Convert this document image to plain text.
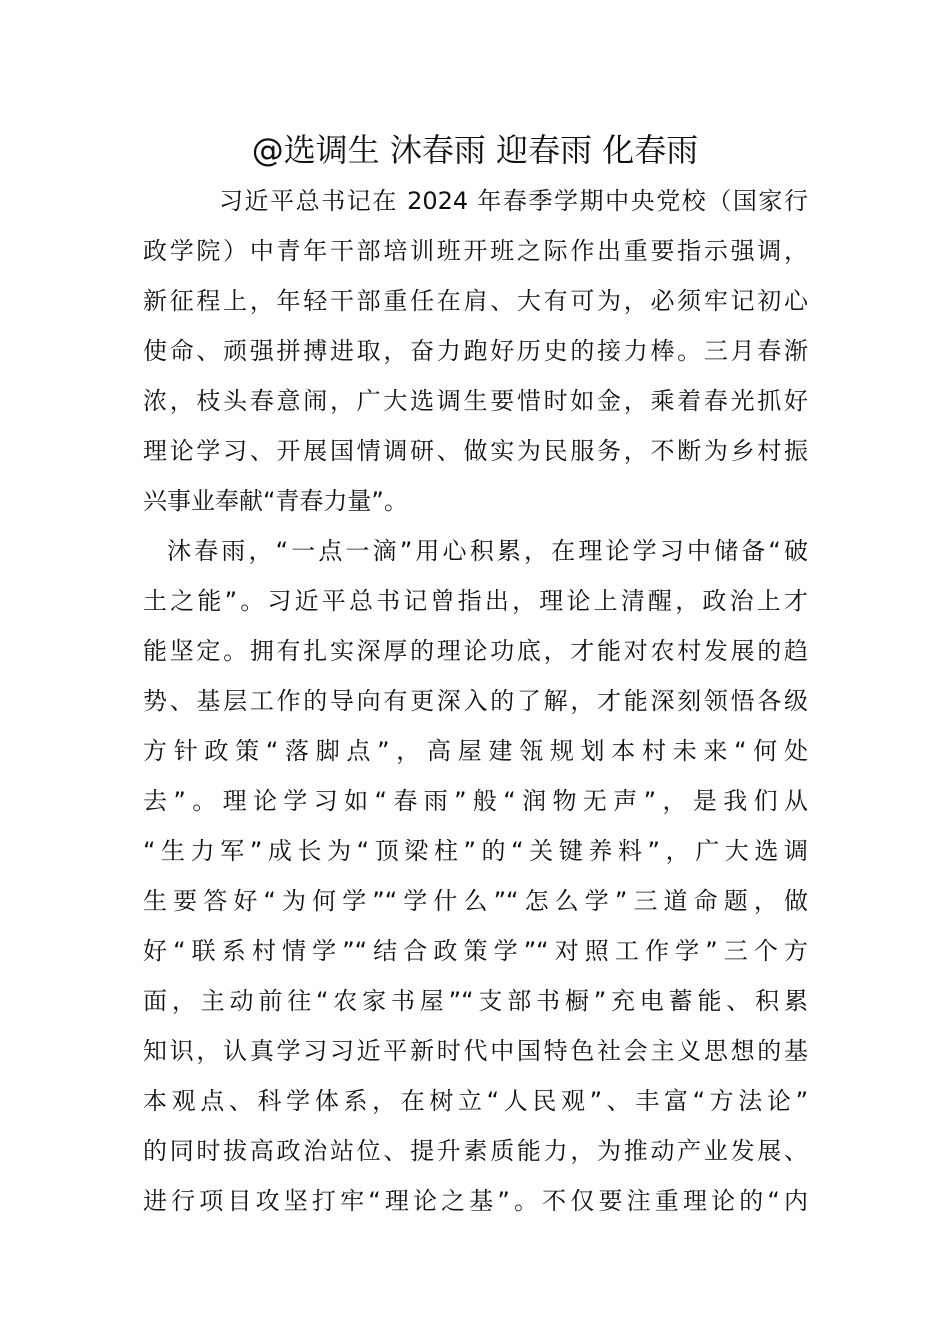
@选调生 沐春雨 迎春雨 化春雨
习近平总书记在 2024 年春季学期中央党校（国家行
政学院）中青年干部培训班开班之际作出重要指示强调，
新征程上，年轻干部重任在肩、大有可为，必须牢记初心
使命、顽强拼搏进取，奋力跑好历史的接力棒。三月春渐
浓，枝头春意闹，广大选调生要惜时如金，乘着春光抓好
理论学习、开展国情调研、做实为民服务，不断为乡村振
兴事业奉献“青春力量”。
沐春雨，“一点一滴”用心积累，在理论学习中储备“破
土之能”。习近平总书记曾指出，理论上清醒，政治上才
能坚定。拥有扎实深厚的理论功底，才能对农村发展的趋
势、基层工作的导向有更深入的了解，才能深刻领悟各级
方针政策“落脚点”，高屋建瓴规划本村未来“何处
去”。理论学习如“春雨”般“润物无声”，是我们从
“生力军”成长为“顶梁柱”的“关键养料”，广大选调
生要答好“为何学”“学什么”“怎么学”三道命题，做
好“联系村情学”“结合政策学”“对照工作学”三个方
面，主动前往“农家书屋”“支部书橱”充电蓄能、积累
知识，认真学习习近平新时代中国特色社会主义思想的基
本观点、科学体系，在树立“人民观”、丰富“方法论”
的同时拔高政治站位、提升素质能力，为推动产业发展、
进行项目攻坚打牢“理论之基”。不仅要注重理论的“内
